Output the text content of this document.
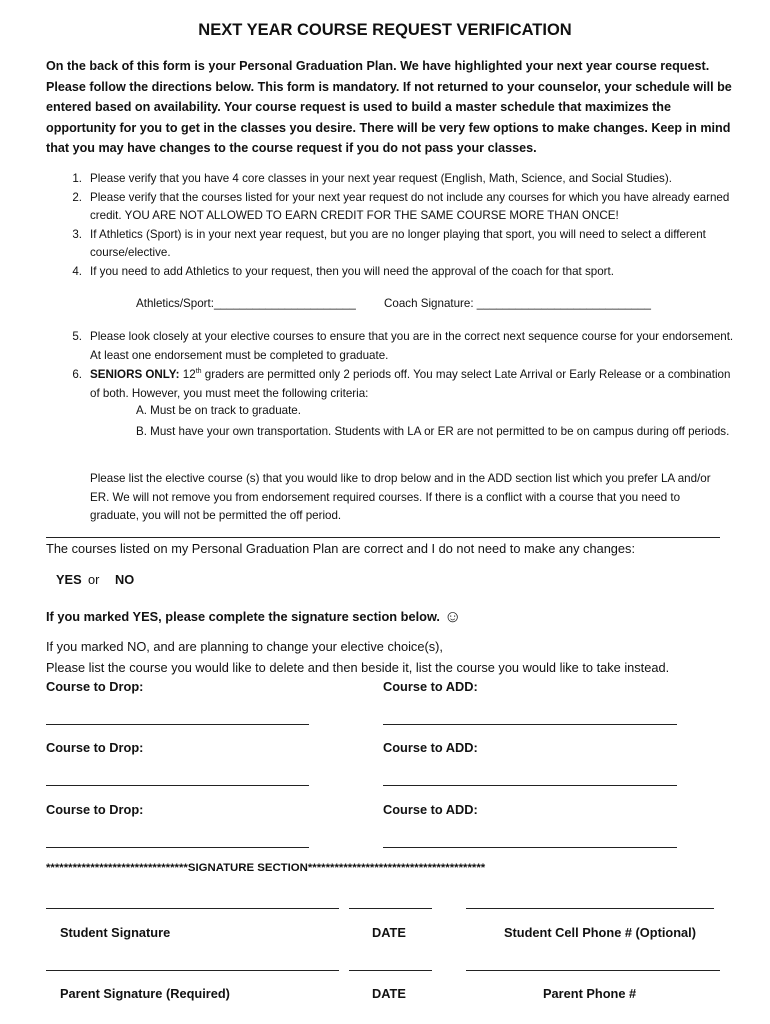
NEXT YEAR COURSE REQUEST VERIFICATION
On the back of this form is your Personal Graduation Plan. We have highlighted your next year course request. Please follow the directions below. This form is mandatory. If not returned to your counselor, your schedule will be entered based on availability. Your course request is used to build a master schedule that maximizes the opportunity for you to get in the classes you desire. There will be very few options to make changes. Keep in mind that you may have changes to the course request if you do not pass your classes.
1. Please verify that you have 4 core classes in your next year request (English, Math, Science, and Social Studies).
2. Please verify that the courses listed for your next year request do not include any courses for which you have already earned credit. YOU ARE NOT ALLOWED TO EARN CREDIT FOR THE SAME COURSE MORE THAN ONCE!
3. If Athletics (Sport) is in your next year request, but you are no longer playing that sport, you will need to select a different course/elective.
4. If you need to add Athletics to your request, then you will need the approval of the coach for that sport.
Athletics/Sport:______________________ Coach Signature: ___________________________
5. Please look closely at your elective courses to ensure that you are in the correct next sequence course for your endorsement. At least one endorsement must be completed to graduate.
6. SENIORS ONLY: 12th graders are permitted only 2 periods off. You may select Late Arrival or Early Release or a combination of both. However, you must meet the following criteria:
A. Must be on track to graduate.
B. Must have your own transportation. Students with LA or ER are not permitted to be on campus during off periods.
Please list the elective course (s) that you would like to drop below and in the ADD section list which you prefer LA and/or ER. We will not remove you from endorsement required courses. If there is a conflict with a course that you need to graduate, you will not be permitted the off period.
The courses listed on my Personal Graduation Plan are correct and I do not need to make any changes:
YES or NO
If you marked YES, please complete the signature section below. ☺
If you marked NO, and are planning to change your elective choice(s),
Please list the course you would like to delete and then beside it, list the course you would like to take instead.
Course to Drop:	Course to ADD:
Course to Drop:	Course to ADD:
Course to Drop:	Course to ADD:
********************************SIGNATURE SECTION****************************************
Student Signature	DATE	Student Cell Phone # (Optional)
Parent Signature (Required)	DATE	Parent Phone #
